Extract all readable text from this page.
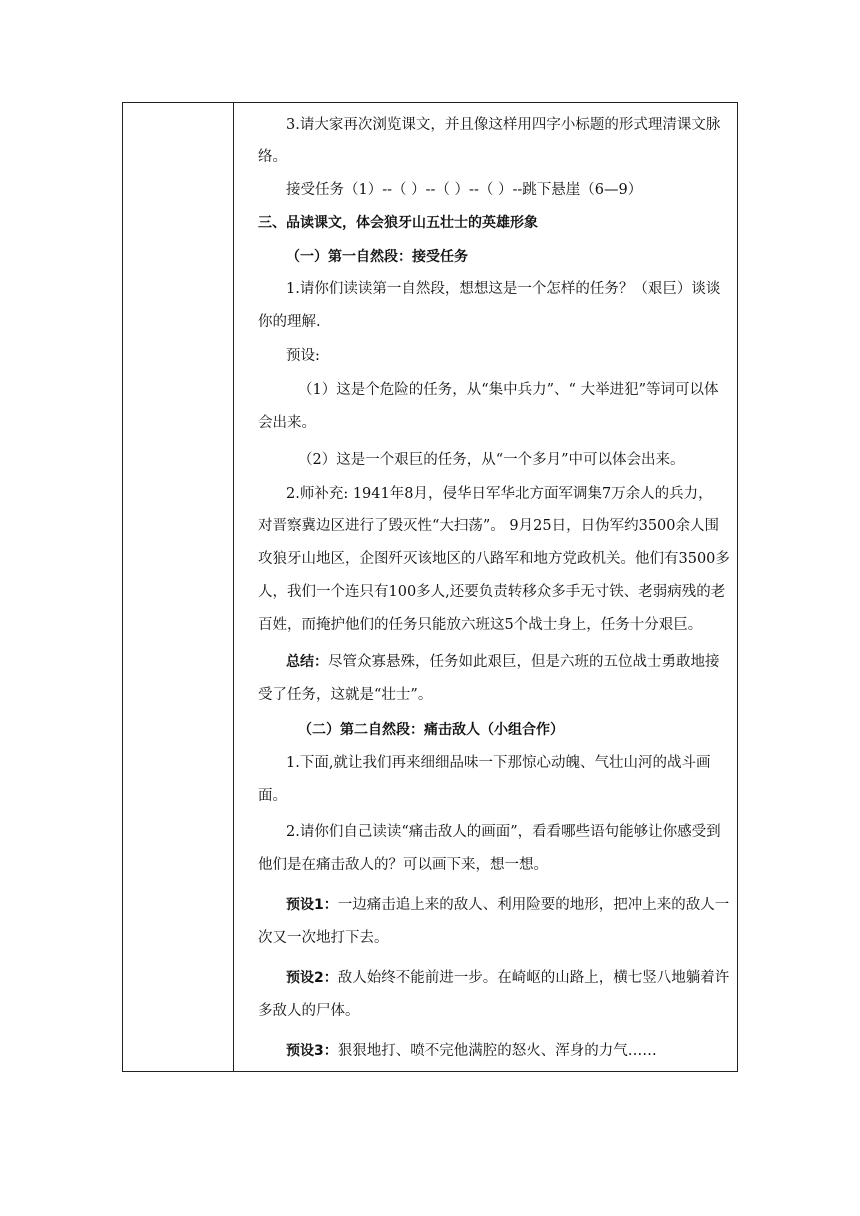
3.请大家再次浏览课文，并且像这样用四字小标题的形式理清课文脉
络。
接受任务（1）--（ ）--（ ）--（ ）--跳下悬崖（6—9）
三、品读课文，体会狼牙山五壮士的英雄形象
（一）第一自然段：接受任务
1.请你们读读第一自然段，想想这是一个怎样的任务？（艰巨）谈谈
你的理解.
预设:
（1）这是个危险的任务，从“集中兵力”、“ 大举进犯”等词可以体
会出来。
（2）这是一个艰巨的任务，从“一个多月”中可以体会出来。
2.师补充: 1941年8月，侵华日军华北方面军调集7万余人的兵力，
对晋察冀边区进行了毁灭性“大扫荡”。 9月25日，日伪军约3500余人围
攻狼牙山地区，企图歼灭该地区的八路军和地方党政机关。他们有3500多
人，我们一个连只有100多人,还要负责转移众多手无寸铁、老弱病残的老
百姓，而掩护他们的任务只能放六班这5个战士身上，任务十分艰巨。
总结：尽管众寡悬殊，任务如此艰巨，但是六班的五位战士勇敢地接
受了任务，这就是“壮士”。
（二）第二自然段：痛击敌人（小组合作）
1.下面,就让我们再来细细品味一下那惊心动魄、气壮山河的战斗画
面。
2.请你们自己读读“痛击敌人的画面”，看看哪些语句能够让你感受到
他们是在痛击敌人的？可以画下来，想一想。
预设1：一边痛击追上来的敌人、利用险要的地形，把冲上来的敌人一
次又一次地打下去。
预设2：敌人始终不能前进一步。在崎岖的山路上，横七竖八地躺着许
多敌人的尸体。
预设3：狠狠地打、喷不完他满腔的怒火、浑身的力气……
